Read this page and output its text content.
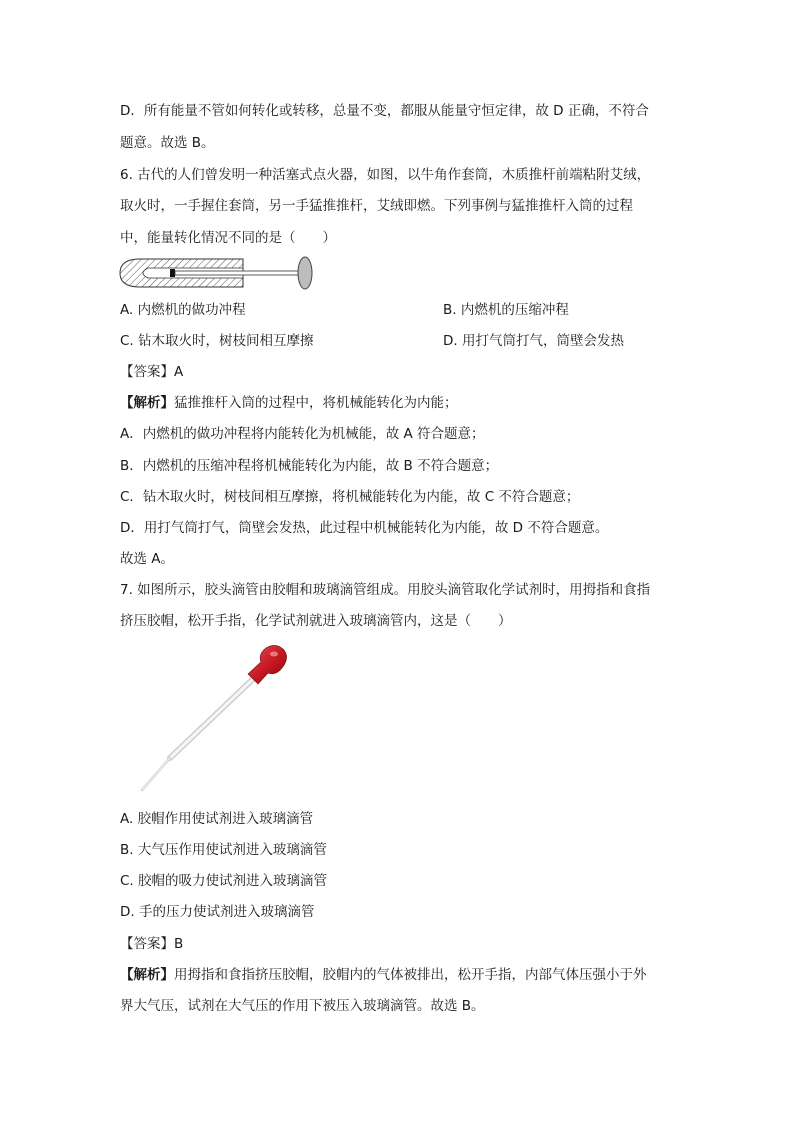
D．所有能量不管如何转化或转移，总量不变，都服从能量守恒定律，故 D 正确，不符合
题意。故选 B。
6. 古代的人们曾发明一种活塞式点火器，如图，以牛角作套筒，木质推杆前端粘附艾绒，
取火时，一手握住套筒，另一手猛推推杆，艾绒即燃。下列事例与猛推推杆入筒的过程
中，能量转化情况不同的是（　　）
A. 内燃机的做功冲程	B. 内燃机的压缩冲程
C. 钻木取火时，树枝间相互摩擦	D. 用打气筒打气，筒壁会发热
【答案】A
【解析】猛推推杆入筒的过程中，将机械能转化为内能；
A．内燃机的做功冲程将内能转化为机械能，故 A 符合题意；
B．内燃机的压缩冲程将机械能转化为内能，故 B 不符合题意；
C．钻木取火时，树枝间相互摩擦，将机械能转化为内能，故 C 不符合题意；
D．用打气筒打气，筒壁会发热，此过程中机械能转化为内能，故 D 不符合题意。
故选 A。
7. 如图所示，胶头滴管由胶帽和玻璃滴管组成。用胶头滴管取化学试剂时，用拇指和食指
挤压胶帽，松开手指，化学试剂就进入玻璃滴管内，这是（　　）
A. 胶帽作用使试剂进入玻璃滴管
B. 大气压作用使试剂进入玻璃滴管
C. 胶帽的吸力使试剂进入玻璃滴管
D. 手的压力使试剂进入玻璃滴管
【答案】B
【解析】用拇指和食指挤压胶帽，胶帽内的气体被排出，松开手指，内部气体压强小于外
界大气压，试剂在大气压的作用下被压入玻璃滴管。故选 B。
